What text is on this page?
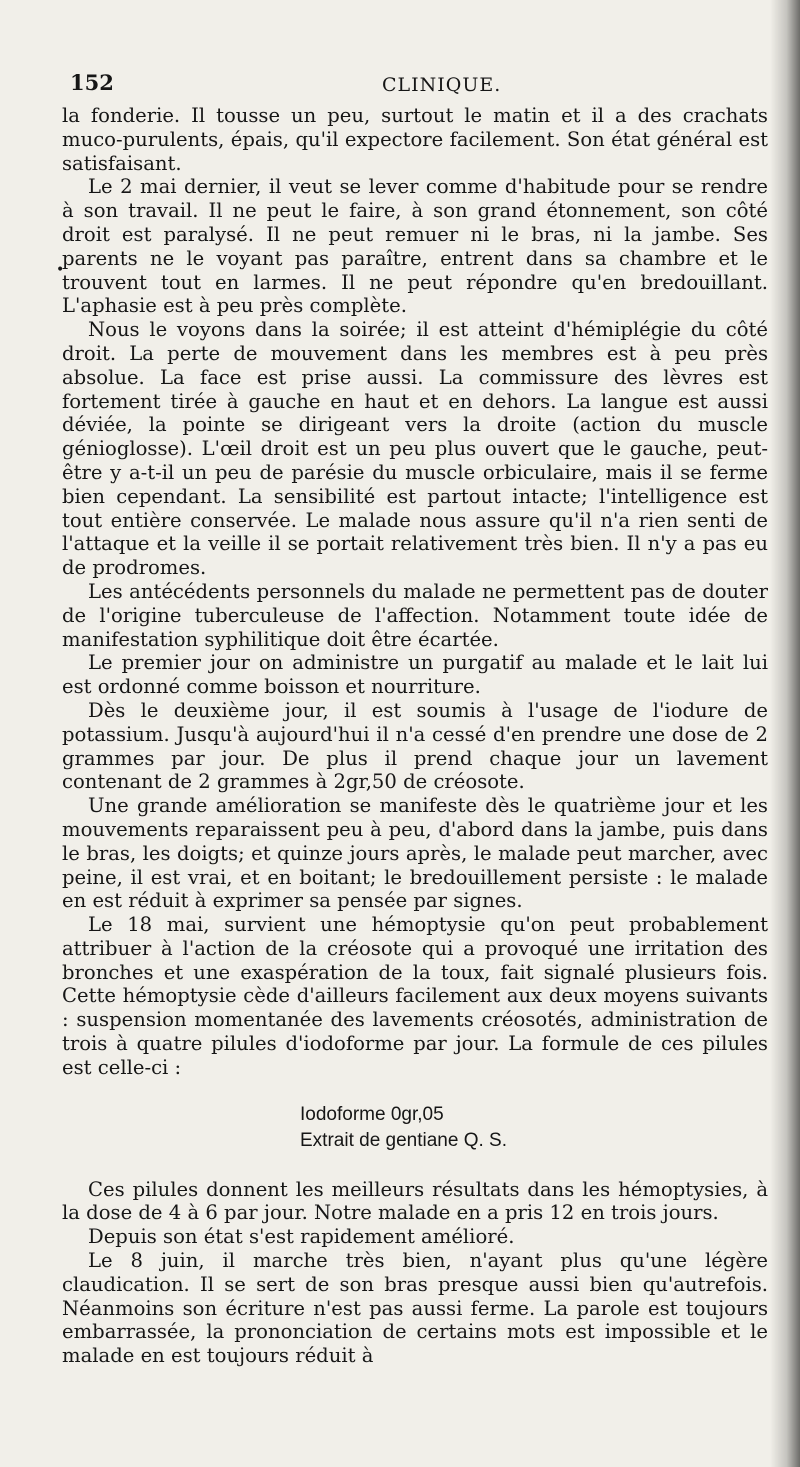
152	CLINIQUE.
•

la fonderie. Il tousse un peu, surtout le matin et il a des crachats muco-purulents, épais, qu'il expectore facilement. Son état général est satisfaisant.

Le 2 mai dernier, il veut se lever comme d'habitude pour se rendre à son travail. Il ne peut le faire, à son grand étonnement, son côté droit est paralysé. Il ne peut remuer ni le bras, ni la jambe. Ses parents ne le voyant pas paraître, entrent dans sa chambre et le trouvent tout en larmes. Il ne peut répondre qu'en bredouillant. L'aphasie est à peu près complète.

Nous le voyons dans la soirée; il est atteint d'hémiplégie du côté droit. La perte de mouvement dans les membres est à peu près absolue. La face est prise aussi. La commissure des lèvres est fortement tirée à gauche en haut et en dehors. La langue est aussi déviée, la pointe se dirigeant vers la droite (action du muscle génioglosse). L'œil droit est un peu plus ouvert que le gauche, peut-être y a-t-il un peu de parésie du muscle orbiculaire, mais il se ferme bien cependant. La sensibilité est partout intacte; l'intelligence est tout entière conservée. Le malade nous assure qu'il n'a rien senti de l'attaque et la veille il se portait relativement très bien. Il n'y a pas eu de prodromes.

Les antécédents personnels du malade ne permettent pas de douter de l'origine tuberculeuse de l'affection. Notamment toute idée de manifestation syphilitique doit être écartée.

Le premier jour on administre un purgatif au malade et le lait lui est ordonné comme boisson et nourriture.

Dès le deuxième jour, il est soumis à l'usage de l'iodure de potassium. Jusqu'à aujourd'hui il n'a cessé d'en prendre une dose de 2 grammes par jour. De plus il prend chaque jour un lavement contenant de 2 grammes à 2gr,50 de créosote.

Une grande amélioration se manifeste dès le quatrième jour et les mouvements reparaissent peu à peu, d'abord dans la jambe, puis dans le bras, les doigts; et quinze jours après, le malade peut marcher, avec peine, il est vrai, et en boitant; le bredouillement persiste : le malade en est réduit à exprimer sa pensée par signes.

Le 18 mai, survient une hémoptysie qu'on peut probablement attribuer à l'action de la créosote qui a provoqué une irritation des bronches et une exaspération de la toux, fait signalé plusieurs fois. Cette hémoptysie cède d'ailleurs facilement aux deux moyens suivants : suspension momentanée des lavements créosotés, administration de trois à quatre pilules d'iodoforme par jour. La formule de ces pilules est celle-ci :

Iodoforme 0gr,05
Extrait de gentiane Q. S.

Ces pilules donnent les meilleurs résultats dans les hémoptysies, à la dose de 4 à 6 par jour. Notre malade en a pris 12 en trois jours.

Depuis son état s'est rapidement amélioré.

Le 8 juin, il marche très bien, n'ayant plus qu'une légère claudication. Il se sert de son bras presque aussi bien qu'autrefois. Néanmoins son écriture n'est pas aussi ferme. La parole est toujours embarrassée, la prononciation de certains mots est impossible et le malade en est toujours réduit à
